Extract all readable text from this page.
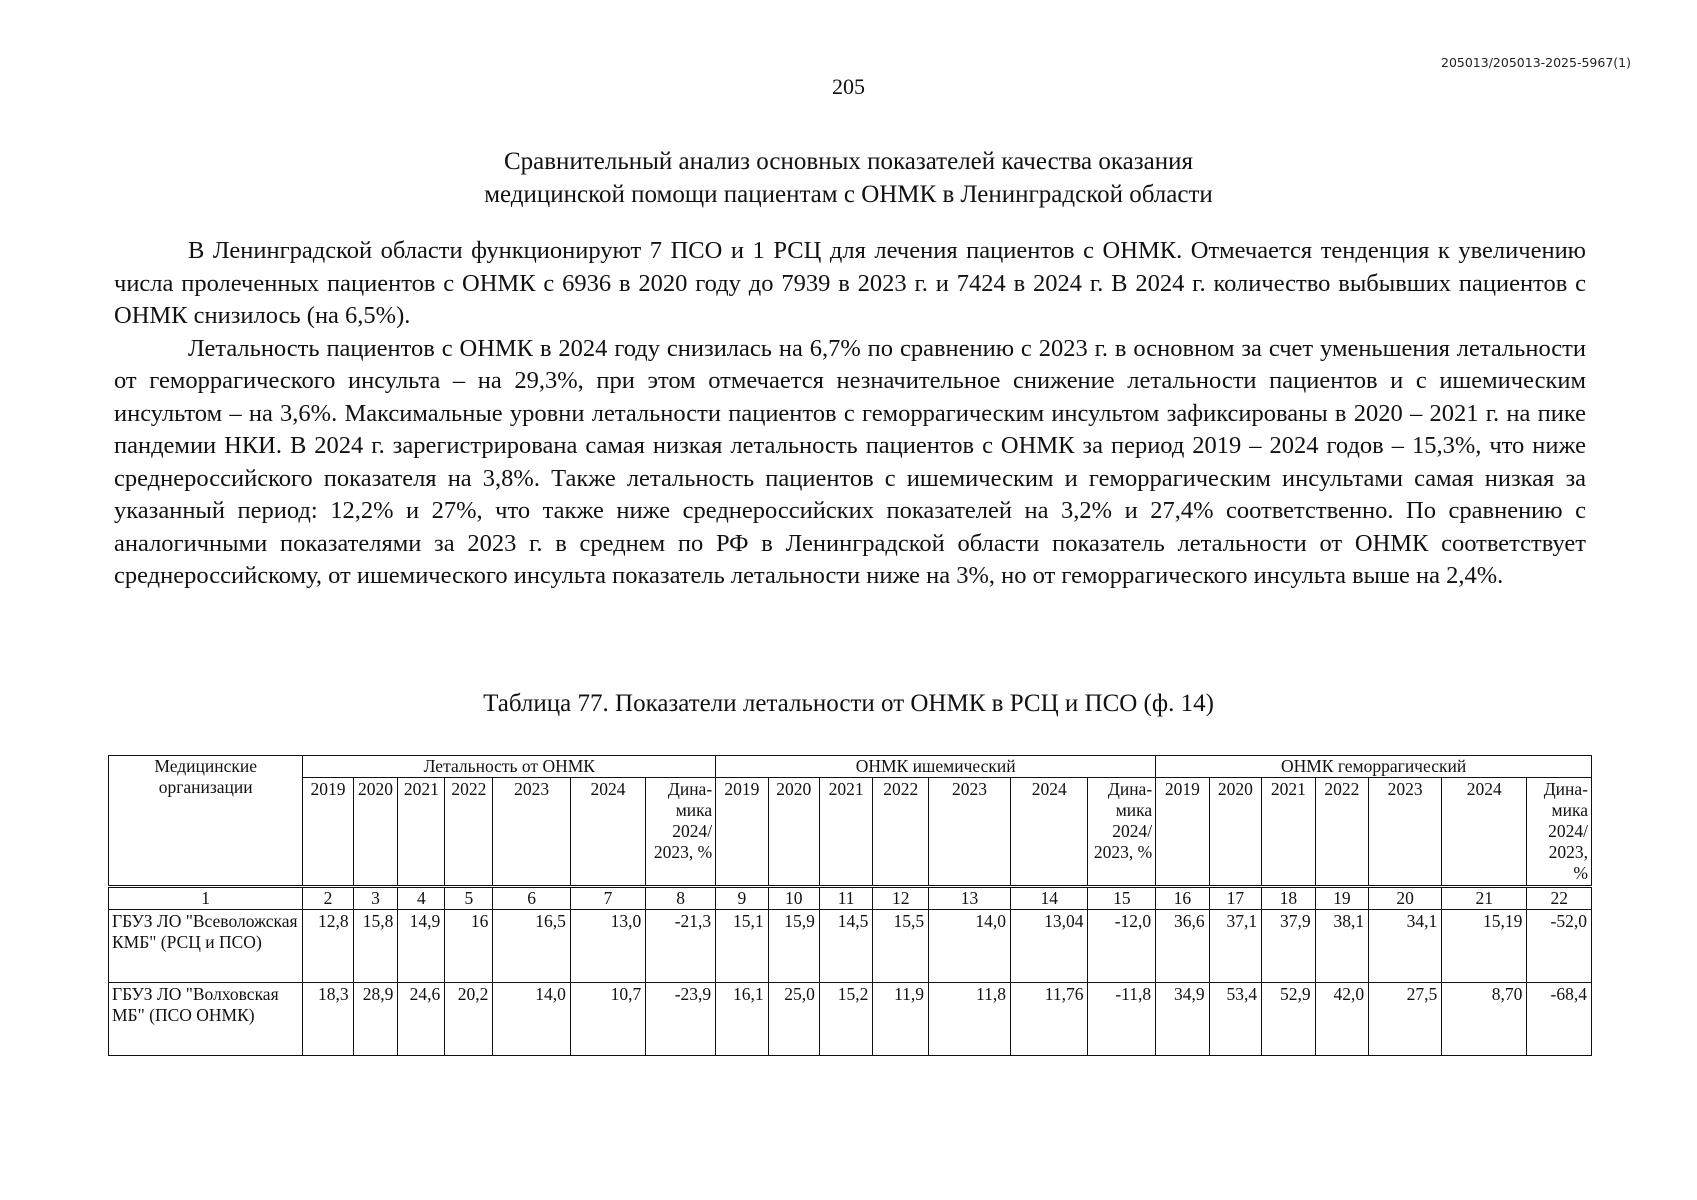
205013/205013-2025-5967(1)
205
Сравнительный анализ основных показателей качества оказания
медицинской помощи пациентам с ОНМК в Ленинградской области

В Ленинградской области функционируют 7 ПСО и 1 РСЦ для лечения пациентов с ОНМК. Отмечается тенденция к увеличению числа пролеченных пациентов с ОНМК с 6936 в 2020 году до 7939 в 2023 г. и 7424 в 2024 г. В 2024 г. количество выбывших пациентов с ОНМК снизилось (на 6,5%).

Летальность пациентов с ОНМК в 2024 году снизилась на 6,7% по сравнению с 2023 г. в основном за счет уменьшения летальности от геморрагического инсульта – на 29,3%, при этом отмечается незначительное снижение летальности пациентов и с ишемическим инсультом – на 3,6%. Максимальные уровни летальности пациентов с геморрагическим инсультом зафиксированы в 2020 – 2021 г. на пике пандемии НКИ. В 2024 г. зарегистрирована самая низкая летальность пациентов с ОНМК за период 2019 – 2024 годов – 15,3%, что ниже среднероссийского показателя на 3,8%. Также летальность пациентов с ишемическим и геморрагическим инсультами самая низкая за указанный период: 12,2% и 27%, что также ниже среднероссийских показателей на 3,2% и 27,4% соответственно. По сравнению с аналогичными показателями за 2023 г. в среднем по РФ в Ленинградской области показатель летальности от ОНМК соответствует среднероссийскому, от ишемического инсульта показатель летальности ниже на 3%, но от геморрагического инсульта выше на 2,4%.

Таблица 77. Показатели летальности от ОНМК в РСЦ и ПСО (ф. 14)
Медицинские организации	Летальность от ОНМК							ОНМК ишемический							ОНМК геморрагический						
	2019	2020	2021	2022	2023	2024	Дина-мика 2024/ 2023, %	2019	2020	2021	2022	2023	2024	Дина-мика 2024/ 2023, %	2019	2020	2021	2022	2023	2024	Дина-мика 2024/ 2023, %
1	2	3	4	5	6	7	8	9	10	11	12	13	14	15	16	17	18	19	20	21	22
ГБУЗ ЛО "Всеволожская КМБ" (РСЦ и ПСО)	12,8	15,8	14,9	16	16,5	13,0	-21,3	15,1	15,9	14,5	15,5	14,0	13,04	-12,0	36,6	37,1	37,9	38,1	34,1	15,19	-52,0
ГБУЗ ЛО "Волховская МБ" (ПСО ОНМК)	18,3	28,9	24,6	20,2	14,0	10,7	-23,9	16,1	25,0	15,2	11,9	11,8	11,76	-11,8	34,9	53,4	52,9	42,0	27,5	8,70	-68,4
